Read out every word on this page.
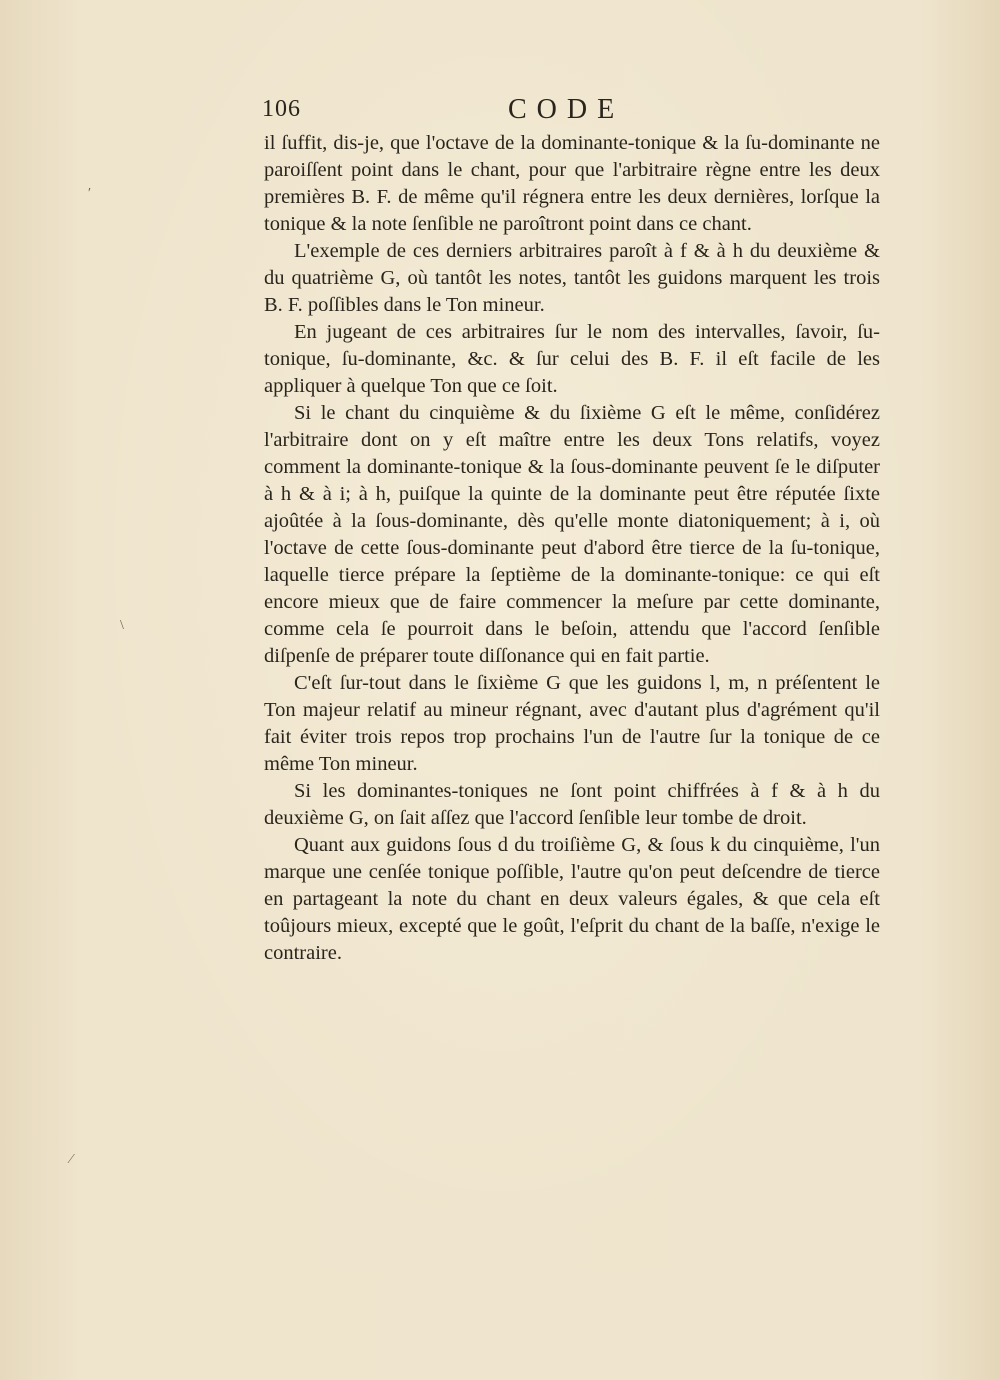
106	CODE

il ſuffit, dis-je, que l'octave de la dominante-tonique & la ſu-dominante ne paroiſſent point dans le chant, pour que l'arbitraire règne entre les deux premières B. F. de même qu'il régnera entre les deux dernières, lorſque la tonique & la note ſenſible ne paroîtront point dans ce chant.

L'exemple de ces derniers arbitraires paroît à f & à h du deuxième & du quatrième G, où tantôt les notes, tantôt les guidons marquent les trois B. F. poſſibles dans le Ton mineur.

En jugeant de ces arbitraires ſur le nom des intervalles, ſavoir, ſu-tonique, ſu-dominante, &c. & ſur celui des B. F. il eſt facile de les appliquer à quelque Ton que ce ſoit.

Si le chant du cinquième & du ſixième G eſt le même, conſidérez l'arbitraire dont on y eſt maître entre les deux Tons relatifs, voyez comment la dominante-tonique & la ſous-dominante peuvent ſe le diſputer à h & à i; à h, puiſque la quinte de la dominante peut être réputée ſixte ajoûtée à la ſous-dominante, dès qu'elle monte diatoniquement; à i, où l'octave de cette ſous-dominante peut d'abord être tierce de la ſu-tonique, laquelle tierce prépare la ſeptième de la dominante-tonique: ce qui eſt encore mieux que de faire commencer la meſure par cette dominante, comme cela ſe pourroit dans le beſoin, attendu que l'accord ſenſible diſpenſe de préparer toute diſſonance qui en fait partie.

C'eſt ſur-tout dans le ſixième G que les guidons l, m, n préſentent le Ton majeur relatif au mineur régnant, avec d'autant plus d'agrément qu'il fait éviter trois repos trop prochains l'un de l'autre ſur la tonique de ce même Ton mineur.

Si les dominantes-toniques ne ſont point chiffrées à f & à h du deuxième G, on ſait aſſez que l'accord ſenſible leur tombe de droit.

Quant aux guidons ſous d du troiſième G, & ſous k du cinquième, l'un marque une cenſée tonique poſſible, l'autre qu'on peut deſcendre de tierce en partageant la note du chant en deux valeurs égales, & que cela eſt toûjours mieux, excepté que le goût, l'eſprit du chant de la baſſe, n'exige le contraire.

′
\
⁄
